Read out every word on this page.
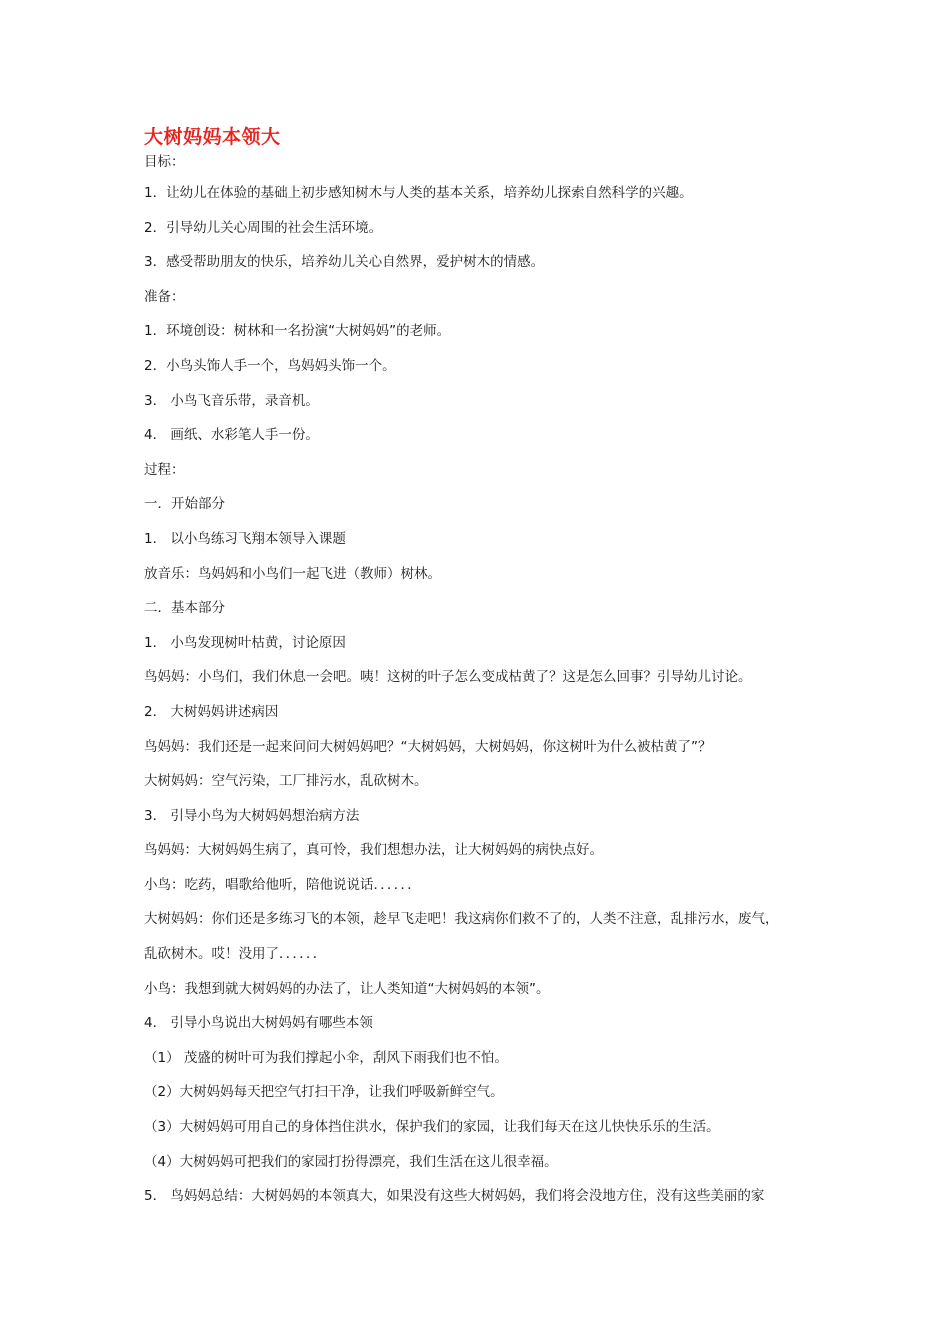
大树妈妈本领大

目标：

1．让幼儿在体验的基础上初步感知树木与人类的基本关系，培养幼儿探索自然科学的兴趣。

2．引导幼儿关心周围的社会生活环境。

3．感受帮助朋友的快乐，培养幼儿关心自然界，爱护树木的情感。

准备：

1．环境创设：树林和一名扮演“大树妈妈”的老师。

2．小鸟头饰人手一个，鸟妈妈头饰一个。

3． 小鸟飞音乐带，录音机。

4． 画纸、水彩笔人手一份。

过程：

一．开始部分

1． 以小鸟练习飞翔本领导入课题

放音乐：鸟妈妈和小鸟们一起飞进（教师）树林。

二．基本部分

1． 小鸟发现树叶枯黄，讨论原因

鸟妈妈：小鸟们，我们休息一会吧。咦！这树的叶子怎么变成枯黄了？这是怎么回事？引导幼儿讨论。

2． 大树妈妈讲述病因

鸟妈妈：我们还是一起来问问大树妈妈吧？“大树妈妈，大树妈妈，你这树叶为什么被枯黄了”？

大树妈妈：空气污染，工厂排污水，乱砍树木。

3． 引导小鸟为大树妈妈想治病方法

鸟妈妈：大树妈妈生病了，真可怜，我们想想办法，让大树妈妈的病快点好。

小鸟：吃药，唱歌给他听，陪他说说话．．．．．．

大树妈妈：你们还是多练习飞的本领，趁早飞走吧！我这病你们救不了的，人类不注意，乱排污水，废气，

乱砍树木。哎！没用了．．．．．．

小鸟：我想到就大树妈妈的办法了，让人类知道“大树妈妈的本领”。

4． 引导小鸟说出大树妈妈有哪些本领

（1） 茂盛的树叶可为我们撑起小伞，刮风下雨我们也不怕。

（2）大树妈妈每天把空气打扫干净，让我们呼吸新鲜空气。

（3）大树妈妈可用自己的身体挡住洪水，保护我们的家园，让我们每天在这儿快快乐乐的生活。

（4）大树妈妈可把我们的家园打扮得漂亮，我们生活在这儿很幸福。

5． 鸟妈妈总结：大树妈妈的本领真大，如果没有这些大树妈妈，我们将会没地方住，没有这些美丽的家
